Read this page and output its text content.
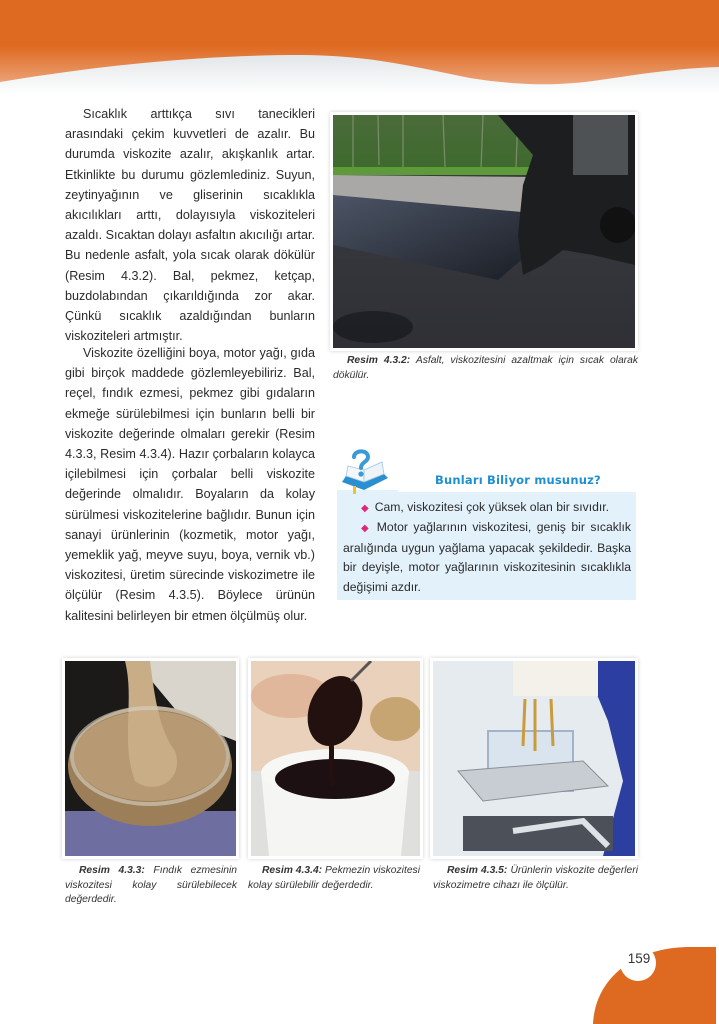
Sıcaklık arttıkça sıvı tanecikleri arasındaki çekim kuvvetleri de azalır. Bu durumda viskozite azalır, akışkanlık artar. Etkinlikte bu durumu gözlemlediniz. Suyun, zeytinyağının ve gliserinin sıcaklıkla akıcılıkları arttı, dolayısıyla viskoziteleri azaldı. Sıcaktan dolayı asfaltın akıcılığı artar. Bu nedenle asfalt, yola sıcak olarak dökülür (Resim 4.3.2). Bal, pekmez, ketçap, buzdolabından çıkarıldığında zor akar. Çünkü sıcaklık azaldığından bunların viskoziteleri artmıştır.

Viskozite özelliğini boya, motor yağı, gıda gibi birçok maddede gözlemleyebiliriz. Bal, reçel, fındık ezmesi, pekmez gibi gıdaların ekmeğe sürülebilmesi için bunların belli bir viskozite değerinde olmaları gerekir (Resim 4.3.3, Resim 4.3.4). Hazır çorbaların kolayca içilebilmesi için çorbalar belli viskozite değerinde olmalıdır. Boyaların da kolay sürülmesi viskozitelerine bağlıdır. Bunun için sanayi ürünlerinin (kozmetik, motor yağı, yemeklik yağ, meyve suyu, boya, vernik vb.) viskozitesi, üretim sürecinde viskozimetre ile ölçülür (Resim 4.3.5). Böylece ürünün kalitesini belirleyen bir etmen ölçülmüş olur.

Resim 4.3.2: Asfalt, viskozitesini azaltmak için sıcak olarak dökülür.
Bunları Biliyor musunuz?
◆ Cam, viskozitesi çok yüksek olan bir sıvıdır.
◆ Motor yağlarının viskozitesi, geniş bir sıcaklık aralığında uygun yağlama yapacak şekildedir. Başka bir deyişle, motor yağlarının viskozitesinin sıcaklıkla değişimi azdır.
Resim 4.3.3: Fındık ezmesinin viskozitesi kolay sürülebilecek değerdedir.
Resim 4.3.4: Pekmezin viskozitesi kolay sürülebilir değerdedir.
Resim 4.3.5: Ürünlerin viskozite değerleri viskozimetre cihazı ile ölçülür.
159
